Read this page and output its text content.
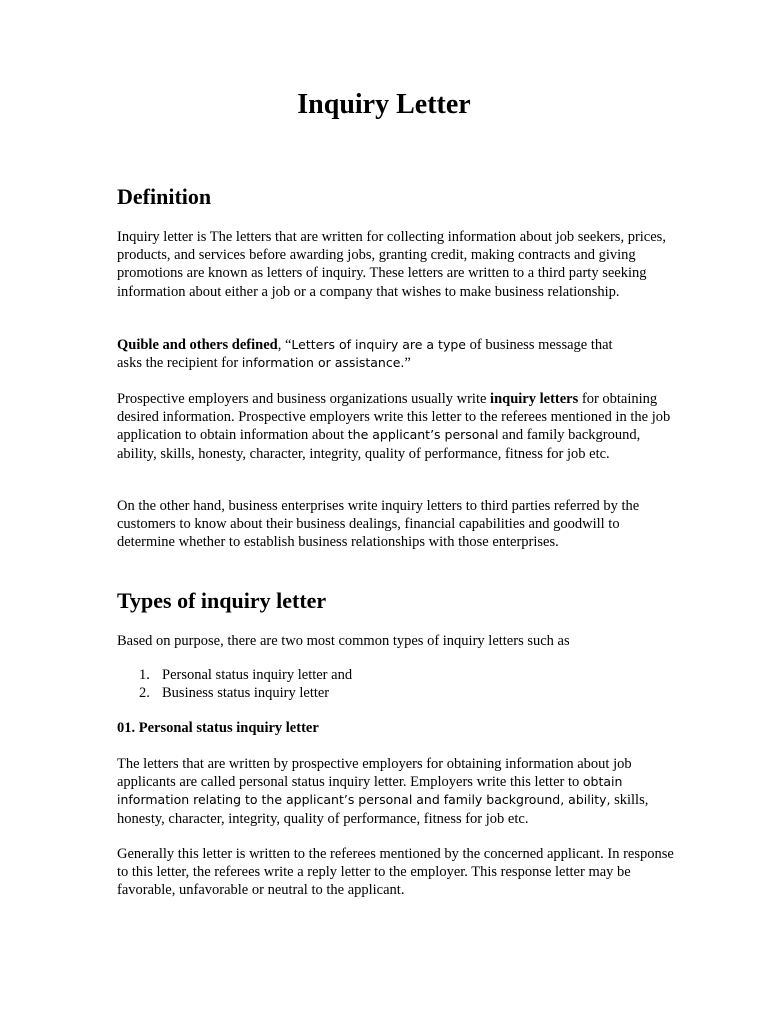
Inquiry Letter
Definition

Inquiry letter is The letters that are written for collecting information about job seekers, prices, products, and services before awarding jobs, granting credit, making contracts and giving promotions are known as letters of inquiry. These letters are written to a third party seeking information about either a job or a company that wishes to make business relationship.

Quible and others defined, “Letters of inquiry are a type of business message that asks the recipient for information or assistance.”

Prospective employers and business organizations usually write inquiry letters for obtaining desired information. Prospective employers write this letter to the referees mentioned in the job application to obtain information about the applicant’s personal and family background, ability, skills, honesty, character, integrity, quality of performance, fitness for job etc.

On the other hand, business enterprises write inquiry letters to third parties referred by the customers to know about their business dealings, financial capabilities and goodwill to determine whether to establish business relationships with those enterprises.

Types of inquiry letter

Based on purpose, there are two most common types of inquiry letters such as

1. Personal status inquiry letter and
2. Business status inquiry letter
01. Personal status inquiry letter

The letters that are written by prospective employers for obtaining information about job applicants are called personal status inquiry letter. Employers write this letter to obtain information relating to the applicant’s personal and family background, ability, skills, honesty, character, integrity, quality of performance, fitness for job etc.

Generally this letter is written to the referees mentioned by the concerned applicant. In response to this letter, the referees write a reply letter to the employer. This response letter may be favorable, unfavorable or neutral to the applicant.
